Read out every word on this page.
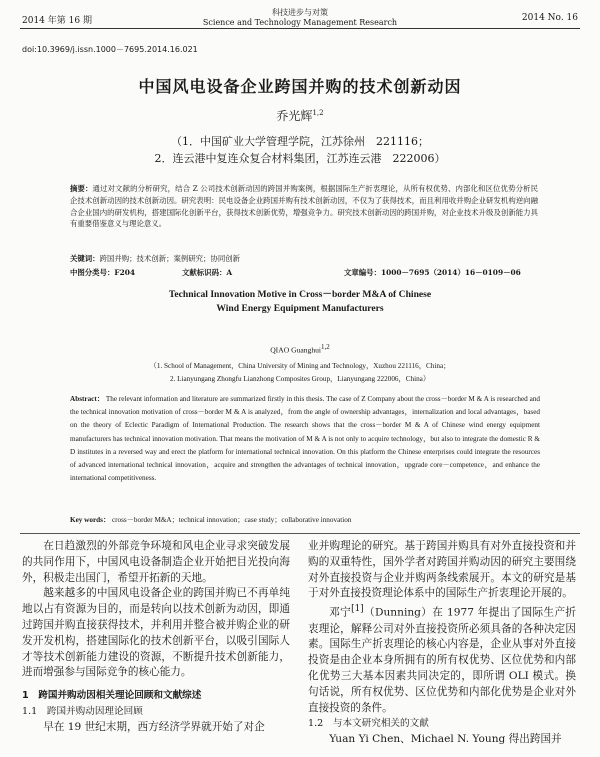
2014 年第 16 期
科技进步与对策
Science and Technology Management Research	2014 No. 16
doi:10.3969/j.issn.1000－7695.2014.16.021
中国风电设备企业跨国并购的技术创新动因
乔光辉$^{1,2}$
（1．中国矿业大学管理学院，江苏徐州　221116；
2．连云港中复连众复合材料集团，江苏连云港　222006）
摘要：通过对文献的分析研究，结合 Z 公司技术创新动因的跨国并购案例，根据国际生产折衷理论，从所有权优势、内部化和区位优势分析民企技术创新动因的技术创新动因。研究表明：民电设备企业跨国并购有技术创新动因，不仅为了获得技术，而且利用收并购企业研发机构逆向融合企业国内的研发机构，搭建国际化创新平台，获得技术创新优势，增强竞争力。研究技术创新动因的跨国并购，对企业技术升级及创新能力具有重要借鉴意义与理论意义。
关键词：跨国并购；技术创新；案例研究；协同创新
中图分类号：F204	文献标识码：A	文章编号：1000－7695（2014）16－0109－06
Technical Innovation Motive in Cross－border M&A of Chinese
Wind Energy Equipment Manufacturers
QIAO Guanghui$^{1,2}$
（1. School of Management，China University of Mining and Technology，Xuzhou 221116，China；
2. Lianyungang Zhongfu Lianzhong Composites Group，Lianyungang 222006，China）
Abstract： The relevant information and literature are summarized firstly in this thesis. The case of Z Company about the cross－border M & A is researched and the technical innovation motivation of cross－border M & A is analyzed，from the angle of ownership advantages，internalization and local advantages，based on the theory of Eclectic Paradigm of International Production. The research shows that the cross－border M & A of Chinese wind energy equipment manufacturers has technical innovation motivation. That means the motivation of M & A is not only to acquire technology，but also to integrate the domestic R & D institutes in a reversed way and erect the platform for international technical innovation. On this platform the Chinese enterprises could integrate the resources of advanced international technical innovation，acquire and strengthen the advantages of technical innovation，upgrade core－competence，and enhance the international competitiveness.
Key words： cross－border M&A；technical innovation；case study；collaborative innovation

在日趋激烈的外部竞争环境和风电企业寻求突破发展的共同作用下，中国风电设备制造企业开始把目光投向海外，积极走出国门，希望开拓新的天地。

越来越多的中国风电设备企业的跨国并购已不再单纯地以占有资源为目的，而是转向以技术创新为动因，即通过跨国并购直接获得技术，并利用并整合被并购企业的研发开发机构，搭建国际化的技术创新平台，以吸引国际人才等技术创新能力建设的资源，不断提升技术创新能力，进而增强参与国际竞争的核心能力。

1　跨国并购动因相关理论回顾和文献综述

1.1　跨国并购动因理论回顾

早在 19 世纪末期，西方经济学界就开始了对企

业并购理论的研究。基于跨国并购具有对外直接投资和并购的双重特性，国外学者对跨国并购动因的研究主要围绕对外直接投资与企业并购两条线索展开。本文的研究是基于对外直接投资理论体系中的国际生产折衷理论开展的。

邓宁[1]（Dunning）在 1977 年提出了国际生产折衷理论，解释公司对外直接投资所必须具备的各种决定因素。国际生产折衷理论的核心内容是，企业从事对外直接投资是由企业本身所拥有的所有权优势、区位优势和内部化优势三大基本因素共同决定的，即所谓 OLI 模式。换句话说，所有权优势、区位优势和内部化优势是企业对外直接投资的条件。

1.2　与本文研究相关的文献

Yuan Yi Chen、Michael N. Young 得出跨国并
